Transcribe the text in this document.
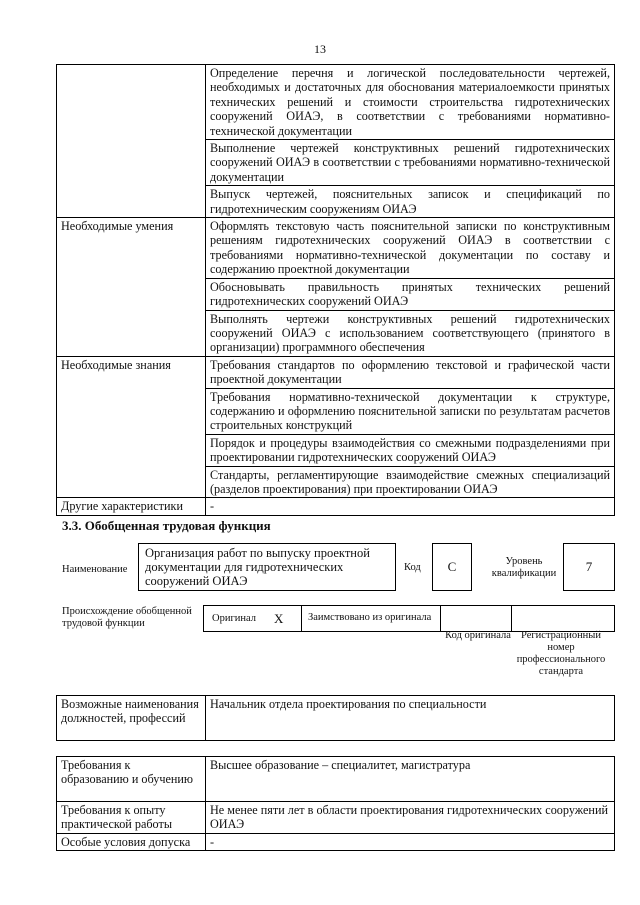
13
	Определение перечня и логической последовательности чертежей, необходимых и достаточных для обоснования материалоемкости принятых технических решений и стоимости строительства гидротехнических сооружений ОИАЭ, в соответствии с требованиями нормативно-технической документации
	Выполнение чертежей конструктивных решений гидротехнических сооружений ОИАЭ в соответствии с требованиями нормативно-технической документации
	Выпуск чертежей, пояснительных записок и спецификаций по гидротехническим сооружениям ОИАЭ
Необходимые умения	Оформлять текстовую часть пояснительной записки по конструктивным решениям гидротехнических сооружений ОИАЭ в соответствии с требованиями нормативно-технической документации по составу и содержанию проектной документации
	Обосновывать правильность принятых технических решений гидротехнических сооружений ОИАЭ
	Выполнять чертежи конструктивных решений гидротехнических сооружений ОИАЭ с использованием соответствующего (принятого в организации) программного обеспечения
Необходимые знания	Требования стандартов по оформлению текстовой и графической части проектной документации
	Требования нормативно-технической документации к структуре, содержанию и оформлению пояснительной записки по результатам расчетов строительных конструкций
	Порядок и процедуры взаимодействия со смежными подразделениями при проектировании гидротехнических сооружений ОИАЭ
	Стандарты, регламентирующие взаимодействие смежных специализаций (разделов проектирования) при проектировании ОИАЭ
Другие характеристики	-
3.3. Обобщенная трудовая функция
Наименование
Организация работ по выпуску проектной документации для гидротехнических сооружений ОИАЭ
Код	C	Уровень квалификации	7
Происхождение обобщенной трудовой функции	Оригинал X Заимствовано из оригинала
Код оригинала Регистрационный номер профессионального стандарта
Возможные наименования должностей, профессий	Начальник отдела проектирования по специальности
Требования к образованию и обучению	Высшее образование – специалитет, магистратура
Требования к опыту практической работы	Не менее пяти лет в области проектирования гидротехнических сооружений ОИАЭ
Особые условия допуска	-
